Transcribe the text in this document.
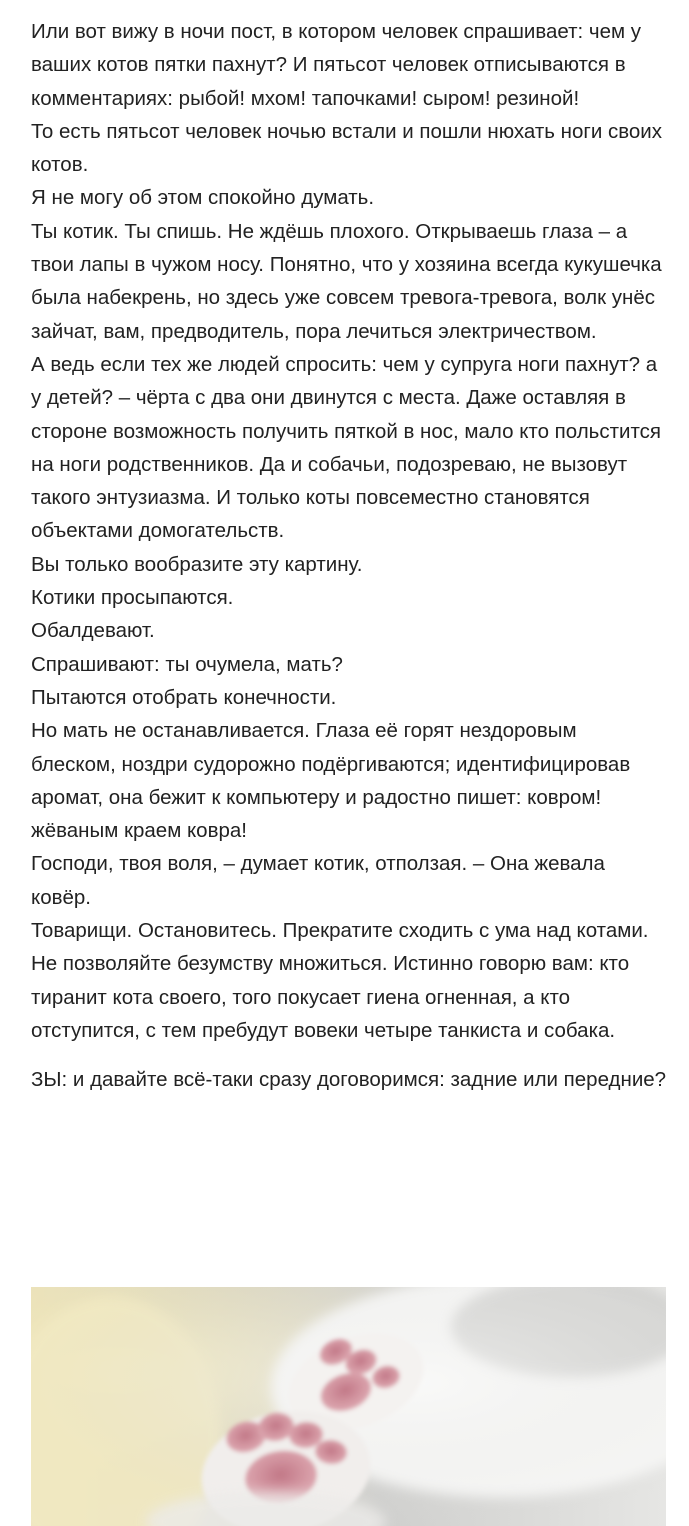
Или вот вижу в ночи пост, в котором человек спрашивает: чем у ваших котов пятки пахнут? И пятьсот человек отписываются в комментариях: рыбой! мхом! тапочками! сыром! резиной!

То есть пятьсот человек ночью встали и пошли нюхать ноги своих котов.

Я не могу об этом спокойно думать.

Ты котик. Ты спишь. Не ждёшь плохого. Открываешь глаза – а твои лапы в чужом носу. Понятно, что у хозяина всегда кукушечка была набекрень, но здесь уже совсем тревога-тревога, волк унёс зайчат, вам, предводитель, пора лечиться электричеством.

А ведь если тех же людей спросить: чем у супруга ноги пахнут? а у детей? – чёрта с два они двинутся с места. Даже оставляя в стороне возможность получить пяткой в нос, мало кто польстится на ноги родственников. Да и собачьи, подозреваю, не вызовут такого энтузиазма. И только коты повсеместно становятся объектами домогательств.

Вы только вообразите эту картину.

Котики просыпаются.

Обалдевают.

Спрашивают: ты очумела, мать?

Пытаются отобрать конечности.

Но мать не останавливается. Глаза её горят нездоровым блеском, ноздри судорожно подёргиваются; идентифицировав аромат, она бежит к компьютеру и радостно пишет: ковром! жёваным краем ковра!

Господи, твоя воля, – думает котик, отползая. – Она жевала ковёр.

Товарищи. Остановитесь. Прекратите сходить с ума над котами. Не позволяйте безумству множиться. Истинно говорю вам: кто тиранит кота своего, того покусает гиена огненная, а кто отступится, с тем пребудут вовеки четыре танкиста и собака.

ЗЫ: и давайте всё-таки сразу договоримся: задние или передние?
